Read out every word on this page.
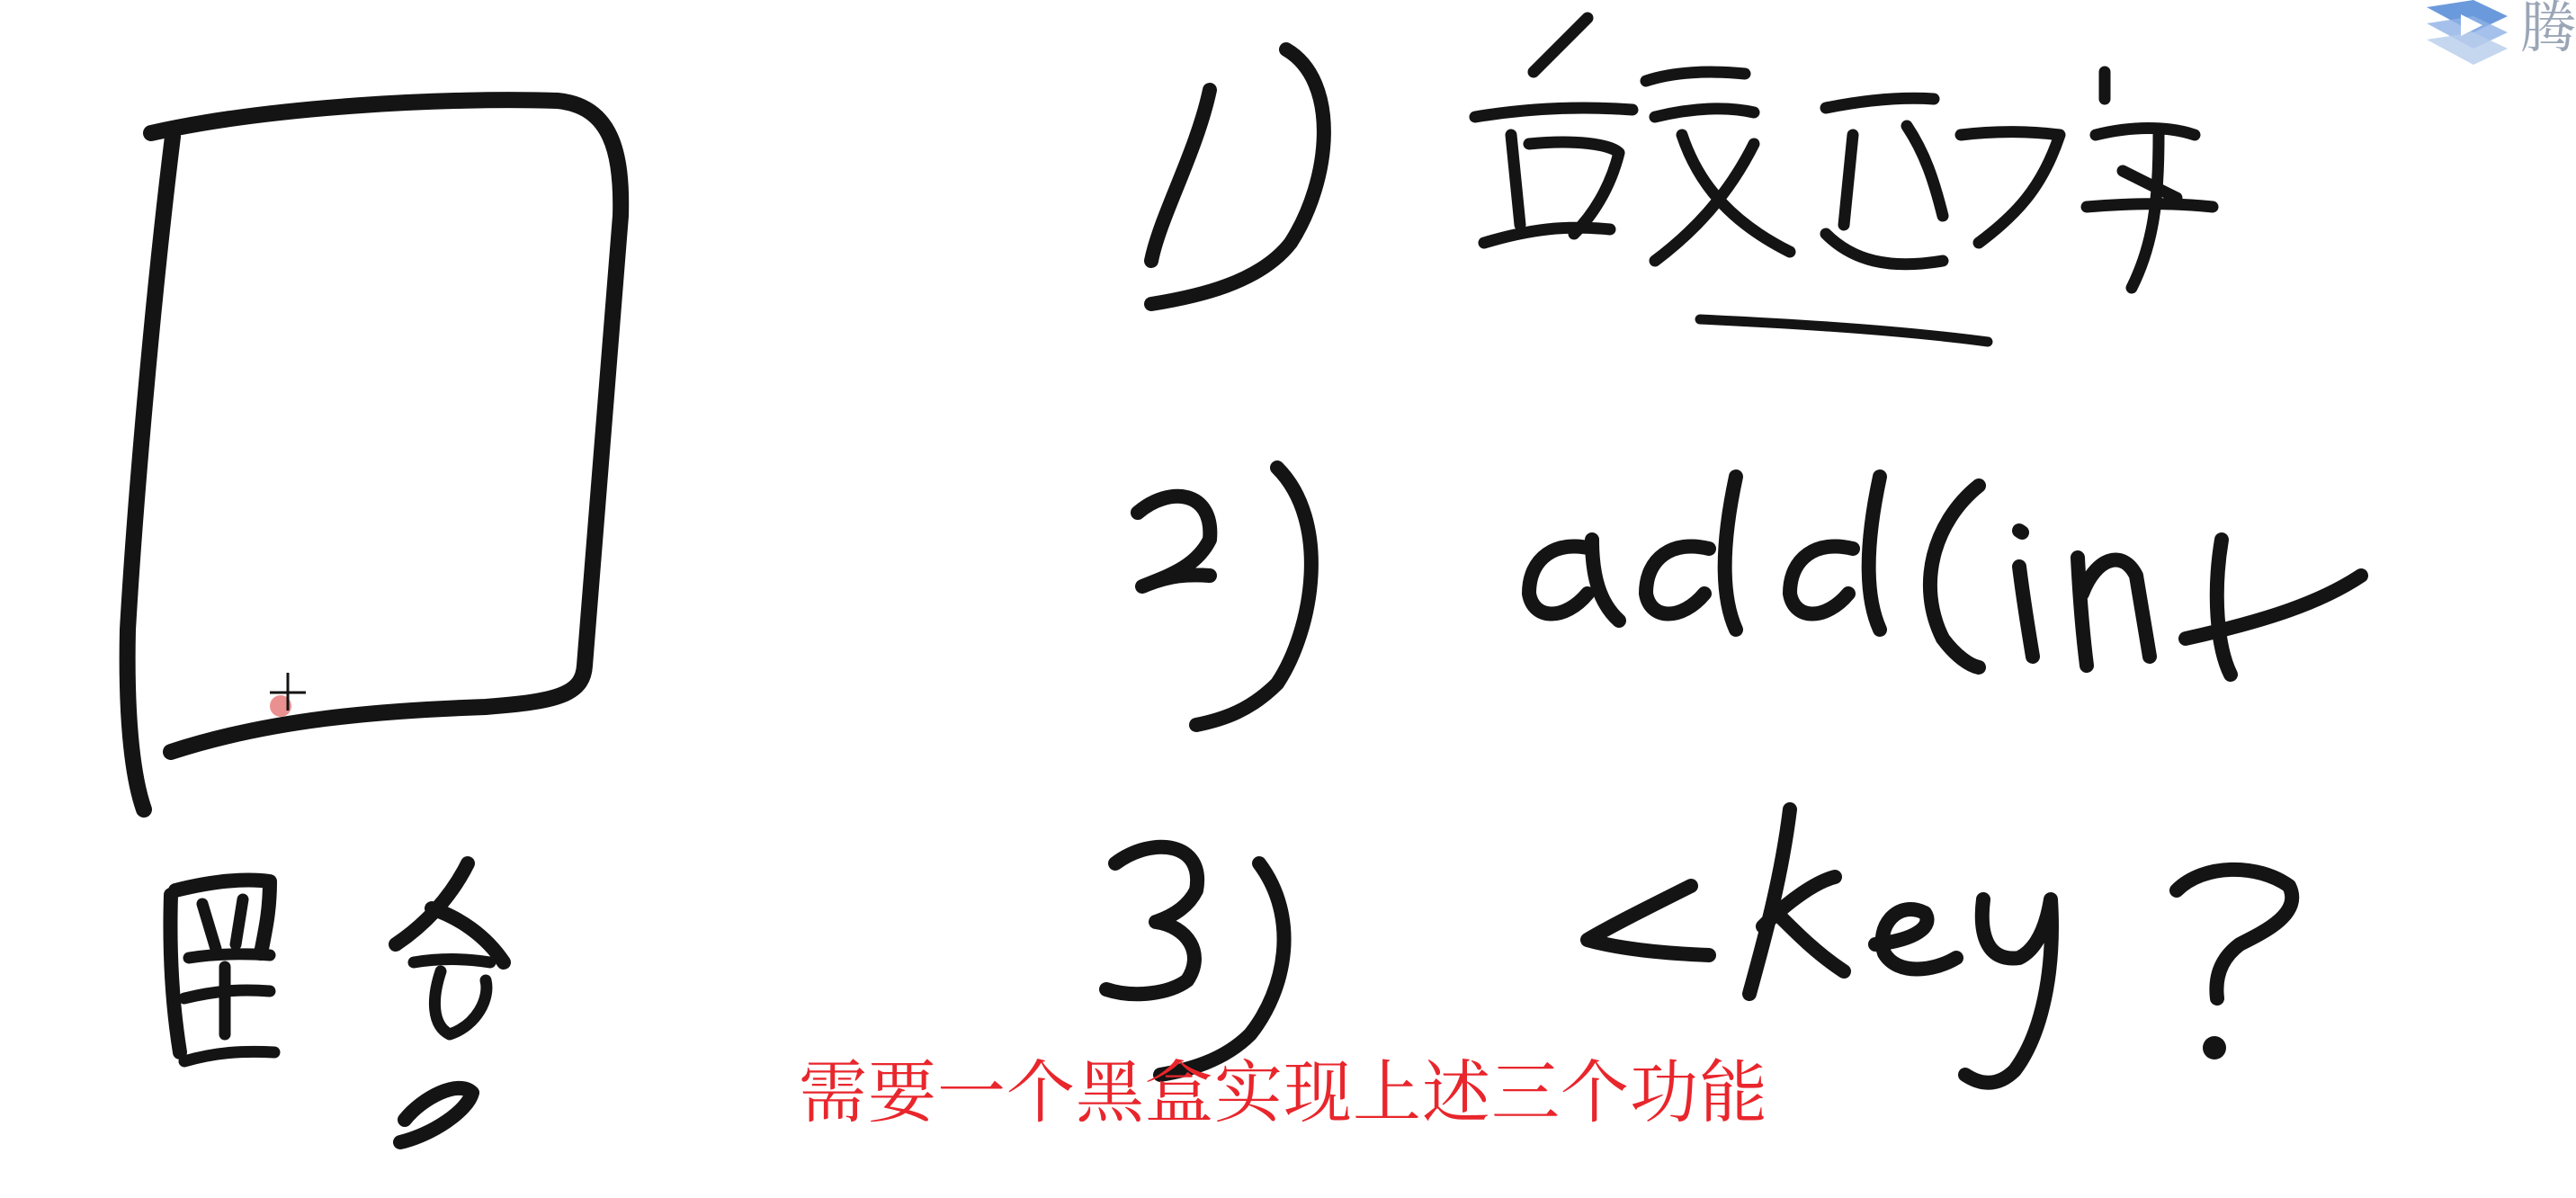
需要一个黑盒实现上述三个功能
腾
